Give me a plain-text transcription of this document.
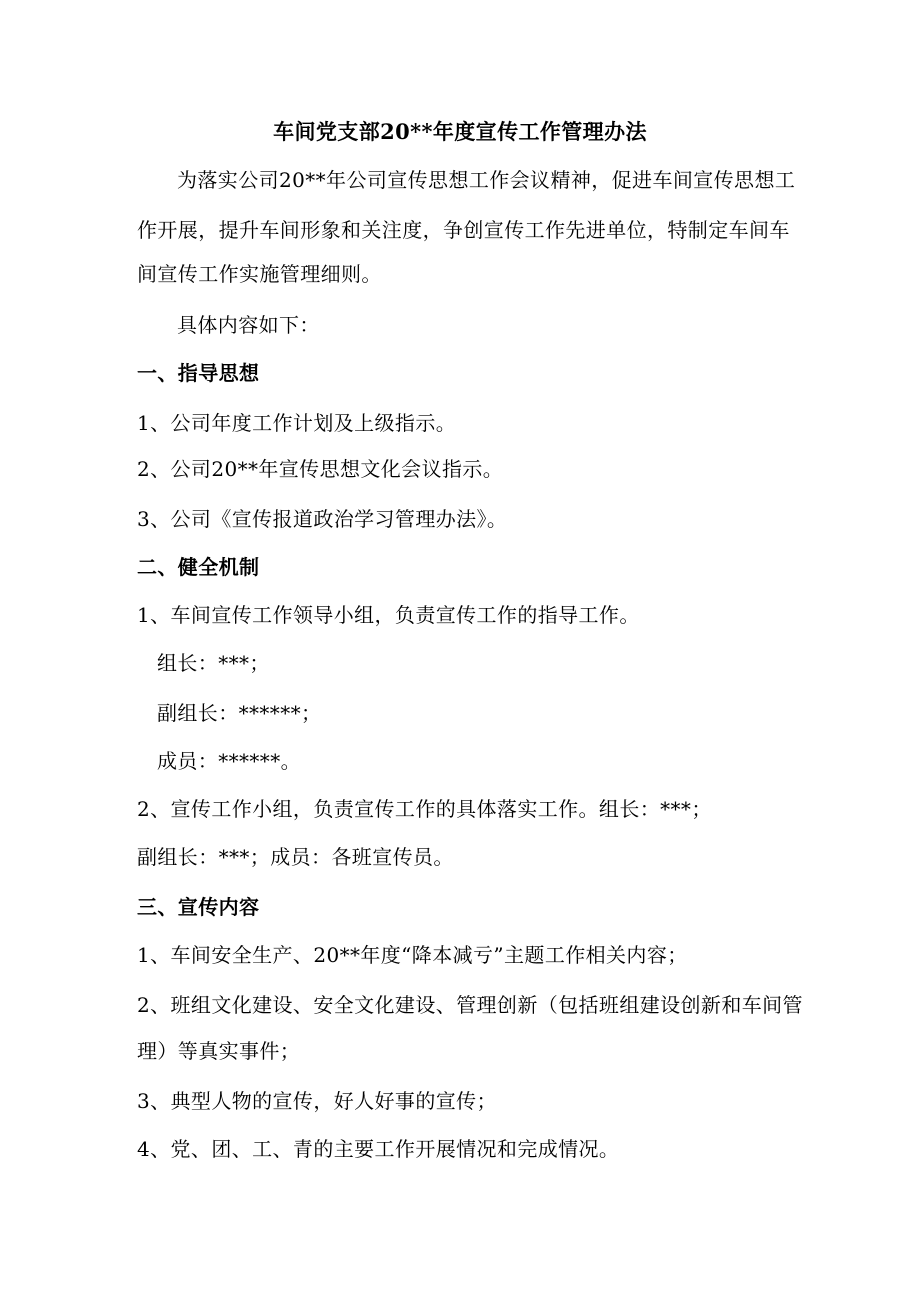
车间党支部20**年度宣传工作管理办法
为落实公司20**年公司宣传思想工作会议精神，促进车间宣传思想工
作开展，提升车间形象和关注度，争创宣传工作先进单位，特制定车间车
间宣传工作实施管理细则。
具体内容如下：
一、指导思想
1、公司年度工作计划及上级指示。
2、公司20**年宣传思想文化会议指示。
3、公司《宣传报道政治学习管理办法》。
二、健全机制
1、车间宣传工作领导小组，负责宣传工作的指导工作。
组长：***；
副组长：******；
成员：******。
2、宣传工作小组，负责宣传工作的具体落实工作。组长：***；
副组长：***；成员：各班宣传员。
三、宣传内容
1、车间安全生产、20**年度“降本减亏”主题工作相关内容；
2、班组文化建设、安全文化建设、管理创新（包括班组建设创新和车间管
理）等真实事件；
3、典型人物的宣传，好人好事的宣传；
4、党、团、工、青的主要工作开展情况和完成情况。
